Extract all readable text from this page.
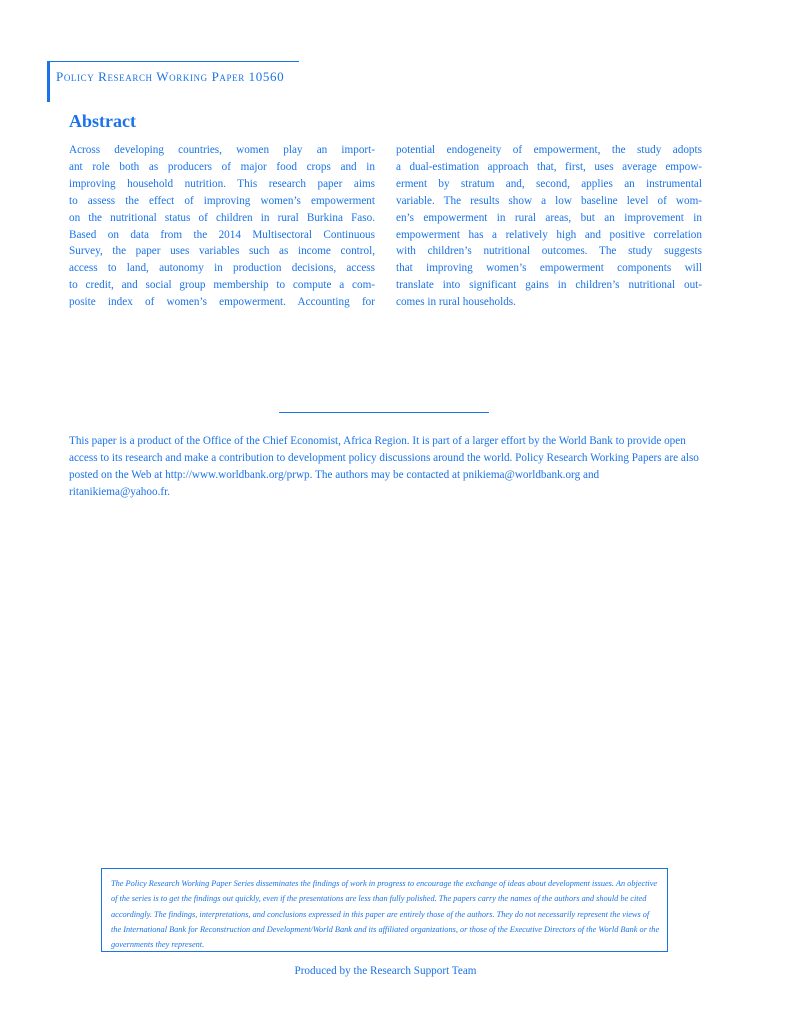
Policy Research Working Paper 10560
Abstract
Across developing countries, women play an import-
ant role both as producers of major food crops and in
improving household nutrition. This research paper aims
to assess the effect of improving women’s empowerment
on the nutritional status of children in rural Burkina Faso.
Based on data from the 2014 Multisectoral Continuous
Survey, the paper uses variables such as income control,
access to land, autonomy in production decisions, access
to credit, and social group membership to compute a com-
posite index of women’s empowerment. Accounting for
potential endogeneity of empowerment, the study adopts
a dual-estimation approach that, first, uses average empow-
erment by stratum and, second, applies an instrumental
variable. The results show a low baseline level of wom-
en’s empowerment in rural areas, but an improvement in
empowerment has a relatively high and positive correlation
with children’s nutritional outcomes. The study suggests
that improving women’s empowerment components will
translate into significant gains in children’s nutritional out-
comes in rural households.

This paper is a product of the Office of the Chief Economist, Africa Region. It is part of a larger effort by the World Bank to provide open access to its research and make a contribution to development policy discussions around the world. Policy Research Working Papers are also posted on the Web at http://www.worldbank.org/prwp. The authors may be contacted at pnikiema@worldbank.org and ritanikiema@yahoo.fr.

The Policy Research Working Paper Series disseminates the findings of work in progress to encourage the exchange of ideas about development issues. An objective of the series is to get the findings out quickly, even if the presentations are less than fully polished. The papers carry the names of the authors and should be cited accordingly. The findings, interpretations, and conclusions expressed in this paper are entirely those of the authors. They do not necessarily represent the views of the International Bank for Reconstruction and Development/World Bank and its affiliated organizations, or those of the Executive Directors of the World Bank or the governments they represent.

Produced by the Research Support Team
